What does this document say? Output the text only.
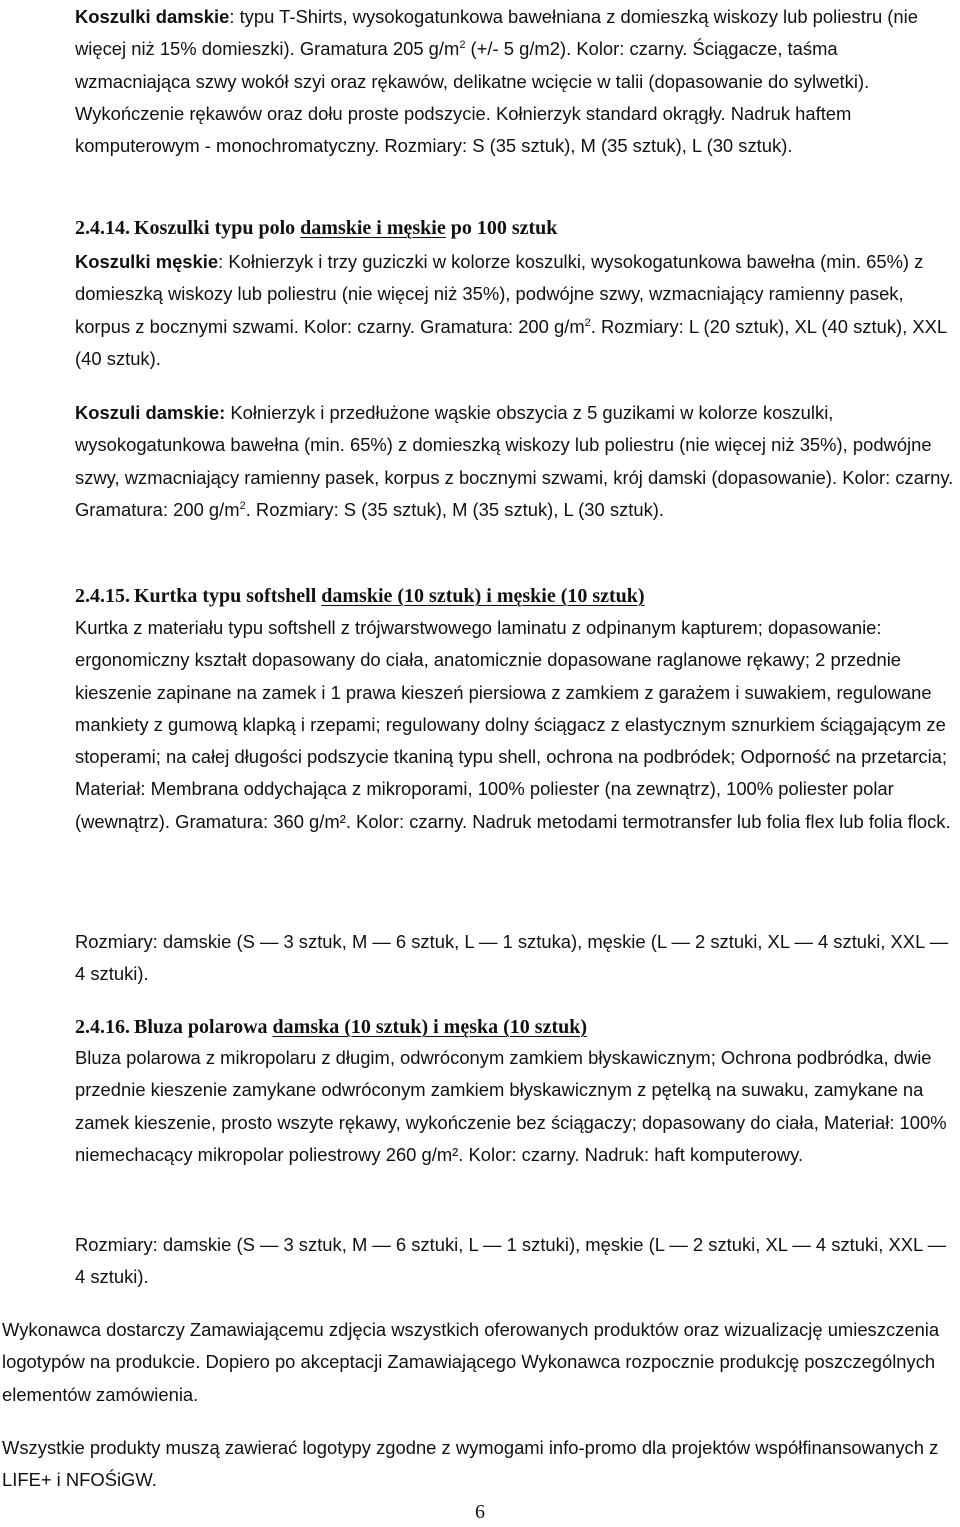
Koszulki damskie: typu T-Shirts, wysokogatunkowa bawełniana z domieszką wiskozy lub poliestru (nie więcej niż 15% domieszki). Gramatura 205 $g/m^2$ (+/- 5 g/m2). Kolor: czarny. Ściągacze, taśma wzmacniająca szwy wokół szyi oraz rękawów, delikatne wcięcie w talii (dopasowanie do sylwetki). Wykończenie rękawów oraz dołu proste podszycie. Kołnierzyk standard okrągły. Nadruk haftem komputerowym - monochromatyczny. Rozmiary: S (35 sztuk), M (35 sztuk), L (30 sztuk).
2.4.14. Koszulki typu polo damskie i męskie po 100 sztuk
Koszulki męskie: Kołnierzyk i trzy guziczki w kolorze koszulki, wysokogatunkowa bawełna (min. 65%) z domieszką wiskozy lub poliestru (nie więcej niż 35%), podwójne szwy, wzmacniający ramienny pasek, korpus z bocznymi szwami. Kolor: czarny. Gramatura: 200 $g/m^2$. Rozmiary: L (20 sztuk), XL (40 sztuk), XXL (40 sztuk).
Koszuli damskie: Kołnierzyk i przedłużone wąskie obszycia z 5 guzikami w kolorze koszulki, wysokogatunkowa bawełna (min. 65%) z domieszką wiskozy lub poliestru (nie więcej niż 35%), podwójne szwy, wzmacniający ramienny pasek, korpus z bocznymi szwami, krój damski (dopasowanie). Kolor: czarny. Gramatura: 200 $g/m^2$. Rozmiary: S (35 sztuk), M (35 sztuk), L (30 sztuk).
2.4.15. Kurtka typu softshell damskie (10 sztuk) i męskie (10 sztuk)
Kurtka z materiału typu softshell z trójwarstwowego laminatu z odpinanym kapturem; dopasowanie: ergonomiczny kształt dopasowany do ciała, anatomicznie dopasowane raglanowe rękawy; 2 przednie kieszenie zapinane na zamek i 1 prawa kieszeń piersiowa z zamkiem z garażem i suwakiem, regulowane mankiety z gumową klapką i rzepami; regulowany dolny ściągacz z elastycznym sznurkiem ściągającym ze stoperami; na całej długości podszycie tkaniną typu shell, ochrona na podbródek; Odporność na przetarcia; Materiał: Membrana oddychająca z mikroporami, 100% poliester (na zewnątrz), 100% poliester polar (wewnątrz). Gramatura: 360 g/m². Kolor: czarny. Nadruk metodami termotransfer lub folia flex lub folia flock.
Rozmiary: damskie (S — 3 sztuk, M — 6 sztuk, L — 1 sztuka), męskie (L — 2 sztuki, XL — 4 sztuki, XXL — 4 sztuki).
2.4.16. Bluza polarowa damska (10 sztuk) i męska (10 sztuk)
Bluza polarowa z mikropolaru z długim, odwróconym zamkiem błyskawicznym; Ochrona podbródka, dwie przednie kieszenie zamykane odwróconym zamkiem błyskawicznym z pętelką na suwaku, zamykane na zamek kieszenie, prosto wszyte rękawy, wykończenie bez ściągaczy; dopasowany do ciała, Materiał: 100% niemechacący mikropolar poliestrowy 260 g/m². Kolor: czarny. Nadruk: haft komputerowy.
Rozmiary: damskie (S — 3 sztuk, M — 6 sztuki, L — 1 sztuki), męskie (L — 2 sztuki, XL — 4 sztuki, XXL — 4 sztuki).
Wykonawca dostarczy Zamawiającemu zdjęcia wszystkich oferowanych produktów oraz wizualizację umieszczenia logotypów na produkcie. Dopiero po akceptacji Zamawiającego Wykonawca rozpocznie produkcję poszczególnych elementów zamówienia.
Wszystkie produkty muszą zawierać logotypy zgodne z wymogami info-promo dla projektów współfinansowanych z LIFE+ i NFOŚiGW.
6
